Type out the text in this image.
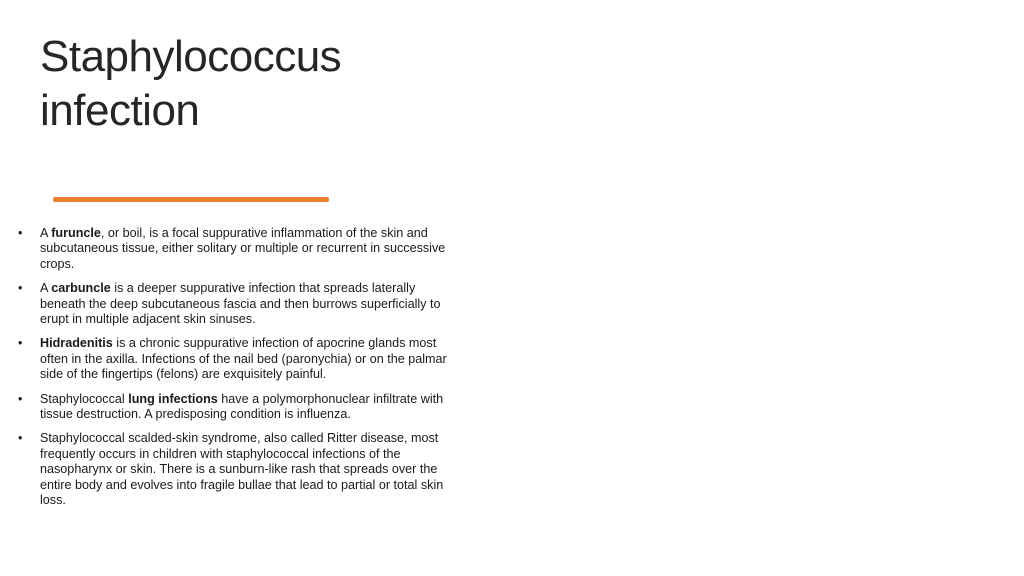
Staphylococcus
infection
•	A furuncle, or boil, is a focal suppurative inflammation of the skin and subcutaneous tissue, either solitary or multiple or recurrent in successive crops.
•	A carbuncle is a deeper suppurative infection that spreads laterally beneath the deep subcutaneous fascia and then burrows superficially to erupt in multiple adjacent skin sinuses.
•	Hidradenitis is a chronic suppurative infection of apocrine glands most often in the axilla. Infections of the nail bed (paronychia) or on the palmar side of the fingertips (felons) are exquisitely painful.
•	Staphylococcal lung infections have a polymorphonuclear infiltrate with tissue destruction. A predisposing condition is influenza.
•	Staphylococcal scalded-skin syndrome, also called Ritter disease, most frequently occurs in children with staphylococcal infections of the nasopharynx or skin. There is a sunburn-like rash that spreads over the entire body and evolves into fragile bullae that lead to partial or total skin loss.
